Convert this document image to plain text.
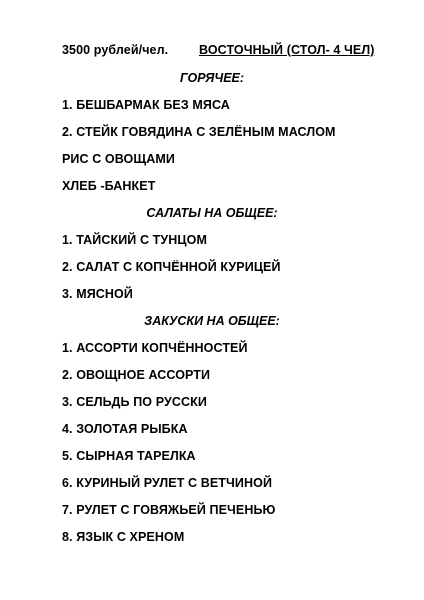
3500 рублей/чел. ВОСТОЧНЫЙ (СТОЛ- 4 ЧЕЛ)
ГОРЯЧЕЕ:
1. БЕШБАРМАК БЕЗ МЯСА
2. СТЕЙК ГОВЯДИНА С ЗЕЛЁНЫМ МАСЛОМ
РИС С ОВОЩАМИ
ХЛЕБ -БАНКЕТ
САЛАТЫ НА ОБЩЕЕ:
1. ТАЙСКИЙ С ТУНЦОМ
2. САЛАТ С КОПЧЁННОЙ КУРИЦЕЙ
3. МЯСНОЙ
ЗАКУСКИ НА ОБЩЕЕ:
1. АССОРТИ КОПЧЁННОСТЕЙ
2. ОВОЩНОЕ АССОРТИ
3. СЕЛЬДЬ ПО РУССКИ
4. ЗОЛОТАЯ РЫБКА
5. СЫРНАЯ ТАРЕЛКА
6. КУРИНЫЙ РУЛЕТ С ВЕТЧИНОЙ
7. РУЛЕТ С ГОВЯЖЬЕЙ ПЕЧЕНЬЮ
8. ЯЗЫК С ХРЕНОМ
